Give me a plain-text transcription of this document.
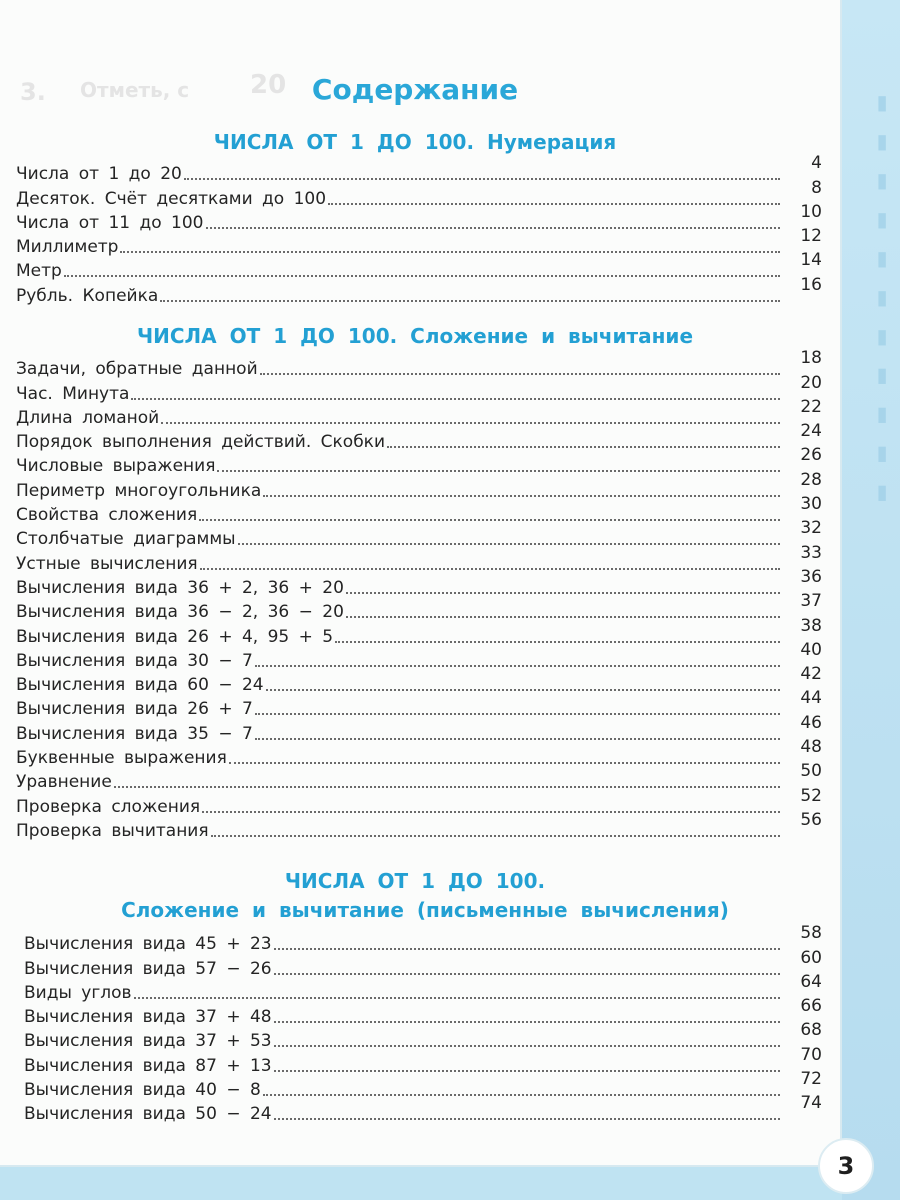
3. Отметь, с 20 Содержание
ЧИСЛА ОТ 1 ДО 100. Нумерация
Числа от 1 до 20
4
Десяток. Счёт десятками до 100
8
Числа от 11 до 100
10
Миллиметр
12
Метр
14
Рубль. Копейка
16
ЧИСЛА ОТ 1 ДО 100. Сложение и вычитание
Задачи, обратные данной
18
Час. Минута
20
Длина ломаной
22
Порядок выполнения действий. Скобки
24
Числовые выражения
26
Периметр многоугольника
28
Свойства сложения
30
Столбчатые диаграммы
32
Устные вычисления
33
Вычисления вида 36 + 2, 36 + 20
36
Вычисления вида 36 − 2, 36 − 20
37
Вычисления вида 26 + 4, 95 + 5
38
Вычисления вида 30 − 7
40
Вычисления вида 60 − 24
42
Вычисления вида 26 + 7
44
Вычисления вида 35 − 7
46
Буквенные выражения
48
Уравнение
50
Проверка сложения
52
Проверка вычитания
56
ЧИСЛА ОТ 1 ДО 100.
Сложение и вычитание (письменные вычисления)
Вычисления вида 45 + 23
58
Вычисления вида 57 − 26
60
Виды углов
64
Вычисления вида 37 + 48
66
Вычисления вида 37 + 53
68
Вычисления вида 87 + 13
70
Вычисления вида 40 − 8
72
Вычисления вида 50 − 24
74
▮ ▮ ▮ ▮ ▮ ▮ ▮ ▮ ▮ ▮ ▮
3
